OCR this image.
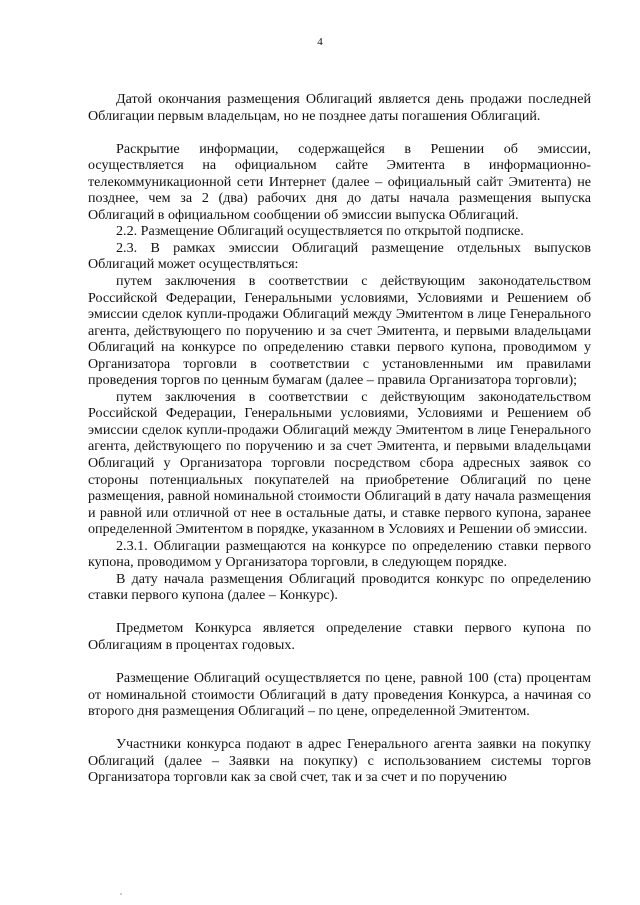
4

Датой окончания размещения Облигаций является день продажи последней Облигации первым владельцам, но не позднее даты погашения Облигаций.

Раскрытие информации, содержащейся в Решении об эмиссии, осуществляется на официальном сайте Эмитента в информационно-телекоммуникационной сети Интернет (далее – официальный сайт Эмитента) не позднее, чем за 2 (два) рабочих дня до даты начала размещения выпуска Облигаций в официальном сообщении об эмиссии выпуска Облигаций.

2.2. Размещение Облигаций осуществляется по открытой подписке.

2.3. В рамках эмиссии Облигаций размещение отдельных выпусков Облигаций может осуществляться:

путем заключения в соответствии с действующим законодательством Российской Федерации, Генеральными условиями, Условиями и Решением об эмиссии сделок купли-продажи Облигаций между Эмитентом в лице Генерального агента, действующего по поручению и за счет Эмитента, и первыми владельцами Облигаций на конкурсе по определению ставки первого купона, проводимом у Организатора торговли в соответствии с установленными им правилами проведения торгов по ценным бумагам (далее – правила Организатора торговли);

путем заключения в соответствии с действующим законодательством Российской Федерации, Генеральными условиями, Условиями и Решением об эмиссии сделок купли-продажи Облигаций между Эмитентом в лице Генерального агента, действующего по поручению и за счет Эмитента, и первыми владельцами Облигаций у Организатора торговли посредством сбора адресных заявок со стороны потенциальных покупателей на приобретение Облигаций по цене размещения, равной номинальной стоимости Облигаций в дату начала размещения и равной или отличной от нее в остальные даты, и ставке первого купона, заранее определенной Эмитентом в порядке, указанном в Условиях и Решении об эмиссии.

2.3.1. Облигации размещаются на конкурсе по определению ставки первого купона, проводимом у Организатора торговли, в следующем порядке.

В дату начала размещения Облигаций проводится конкурс по определению ставки первого купона (далее – Конкурс).

Предметом Конкурса является определение ставки первого купона по Облигациям в процентах годовых.

Размещение Облигаций осуществляется по цене, равной 100 (ста) процентам от номинальной стоимости Облигаций в дату проведения Конкурса, а начиная со второго дня размещения Облигаций – по цене, определенной Эмитентом.

Участники конкурса подают в адрес Генерального агента заявки на покупку Облигаций (далее – Заявки на покупку) с использованием системы торгов Организатора торговли как за свой счет, так и за счет и по поручению
